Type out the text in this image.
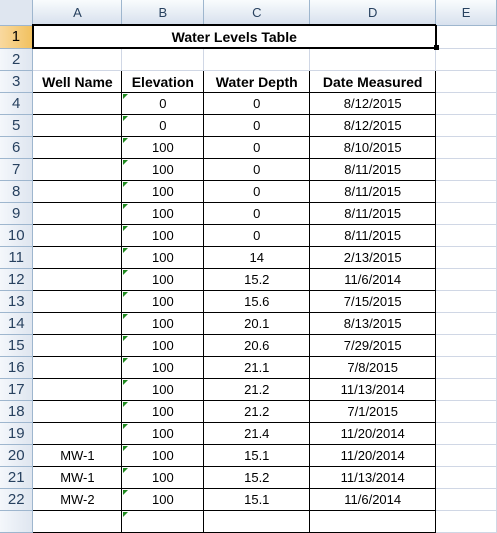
	A	B	C	D	E
1	Water Levels Table				
2					
3	Well Name	Elevation	Water Depth	Date Measured	
4		0	0	8/12/2015	
5		0	0	8/12/2015	
6		100	0	8/10/2015	
7		100	0	8/11/2015	
8		100	0	8/11/2015	
9		100	0	8/11/2015	
10		100	0	8/11/2015	
11		100	14	2/13/2015	
12		100	15.2	11/6/2014	
13		100	15.6	7/15/2015	
14		100	20.1	8/13/2015	
15		100	20.6	7/29/2015	
16		100	21.1	7/8/2015	
17		100	21.2	11/13/2014	
18		100	21.2	7/1/2015	
19		100	21.4	11/20/2014	
20	MW-1	100	15.1	11/20/2014	
21	MW-1	100	15.2	11/13/2014	
22	MW-2	100	15.1	11/6/2014	
